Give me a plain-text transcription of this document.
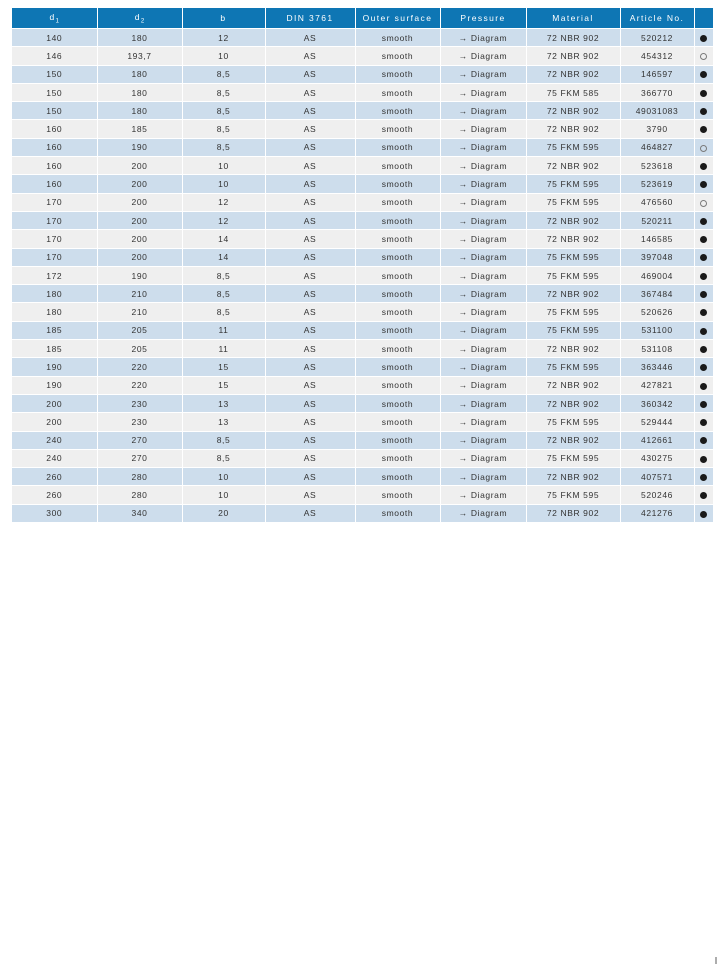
$d_1$	$d_2$	b	DIN 3761	Outer surface	Pressure	Material	Article No.	
140	180	12	AS	smooth	→ Diagram	72 NBR 902	520212	
146	193,7	10	AS	smooth	→ Diagram	72 NBR 902	454312	
150	180	8,5	AS	smooth	→ Diagram	72 NBR 902	146597	
150	180	8,5	AS	smooth	→ Diagram	75 FKM 585	366770	
150	180	8,5	AS	smooth	→ Diagram	72 NBR 902	49031083	
160	185	8,5	AS	smooth	→ Diagram	72 NBR 902	3790	
160	190	8,5	AS	smooth	→ Diagram	75 FKM 595	464827	
160	200	10	AS	smooth	→ Diagram	72 NBR 902	523618	
160	200	10	AS	smooth	→ Diagram	75 FKM 595	523619	
170	200	12	AS	smooth	→ Diagram	75 FKM 595	476560	
170	200	12	AS	smooth	→ Diagram	72 NBR 902	520211	
170	200	14	AS	smooth	→ Diagram	72 NBR 902	146585	
170	200	14	AS	smooth	→ Diagram	75 FKM 595	397048	
172	190	8,5	AS	smooth	→ Diagram	75 FKM 595	469004	
180	210	8,5	AS	smooth	→ Diagram	72 NBR 902	367484	
180	210	8,5	AS	smooth	→ Diagram	75 FKM 595	520626	
185	205	11	AS	smooth	→ Diagram	75 FKM 595	531100	
185	205	11	AS	smooth	→ Diagram	72 NBR 902	531108	
190	220	15	AS	smooth	→ Diagram	75 FKM 595	363446	
190	220	15	AS	smooth	→ Diagram	72 NBR 902	427821	
200	230	13	AS	smooth	→ Diagram	72 NBR 902	360342	
200	230	13	AS	smooth	→ Diagram	75 FKM 595	529444	
240	270	8,5	AS	smooth	→ Diagram	72 NBR 902	412661	
240	270	8,5	AS	smooth	→ Diagram	75 FKM 595	430275	
260	280	10	AS	smooth	→ Diagram	72 NBR 902	407571	
260	280	10	AS	smooth	→ Diagram	75 FKM 595	520246	
300	340	20	AS	smooth	→ Diagram	72 NBR 902	421276	
